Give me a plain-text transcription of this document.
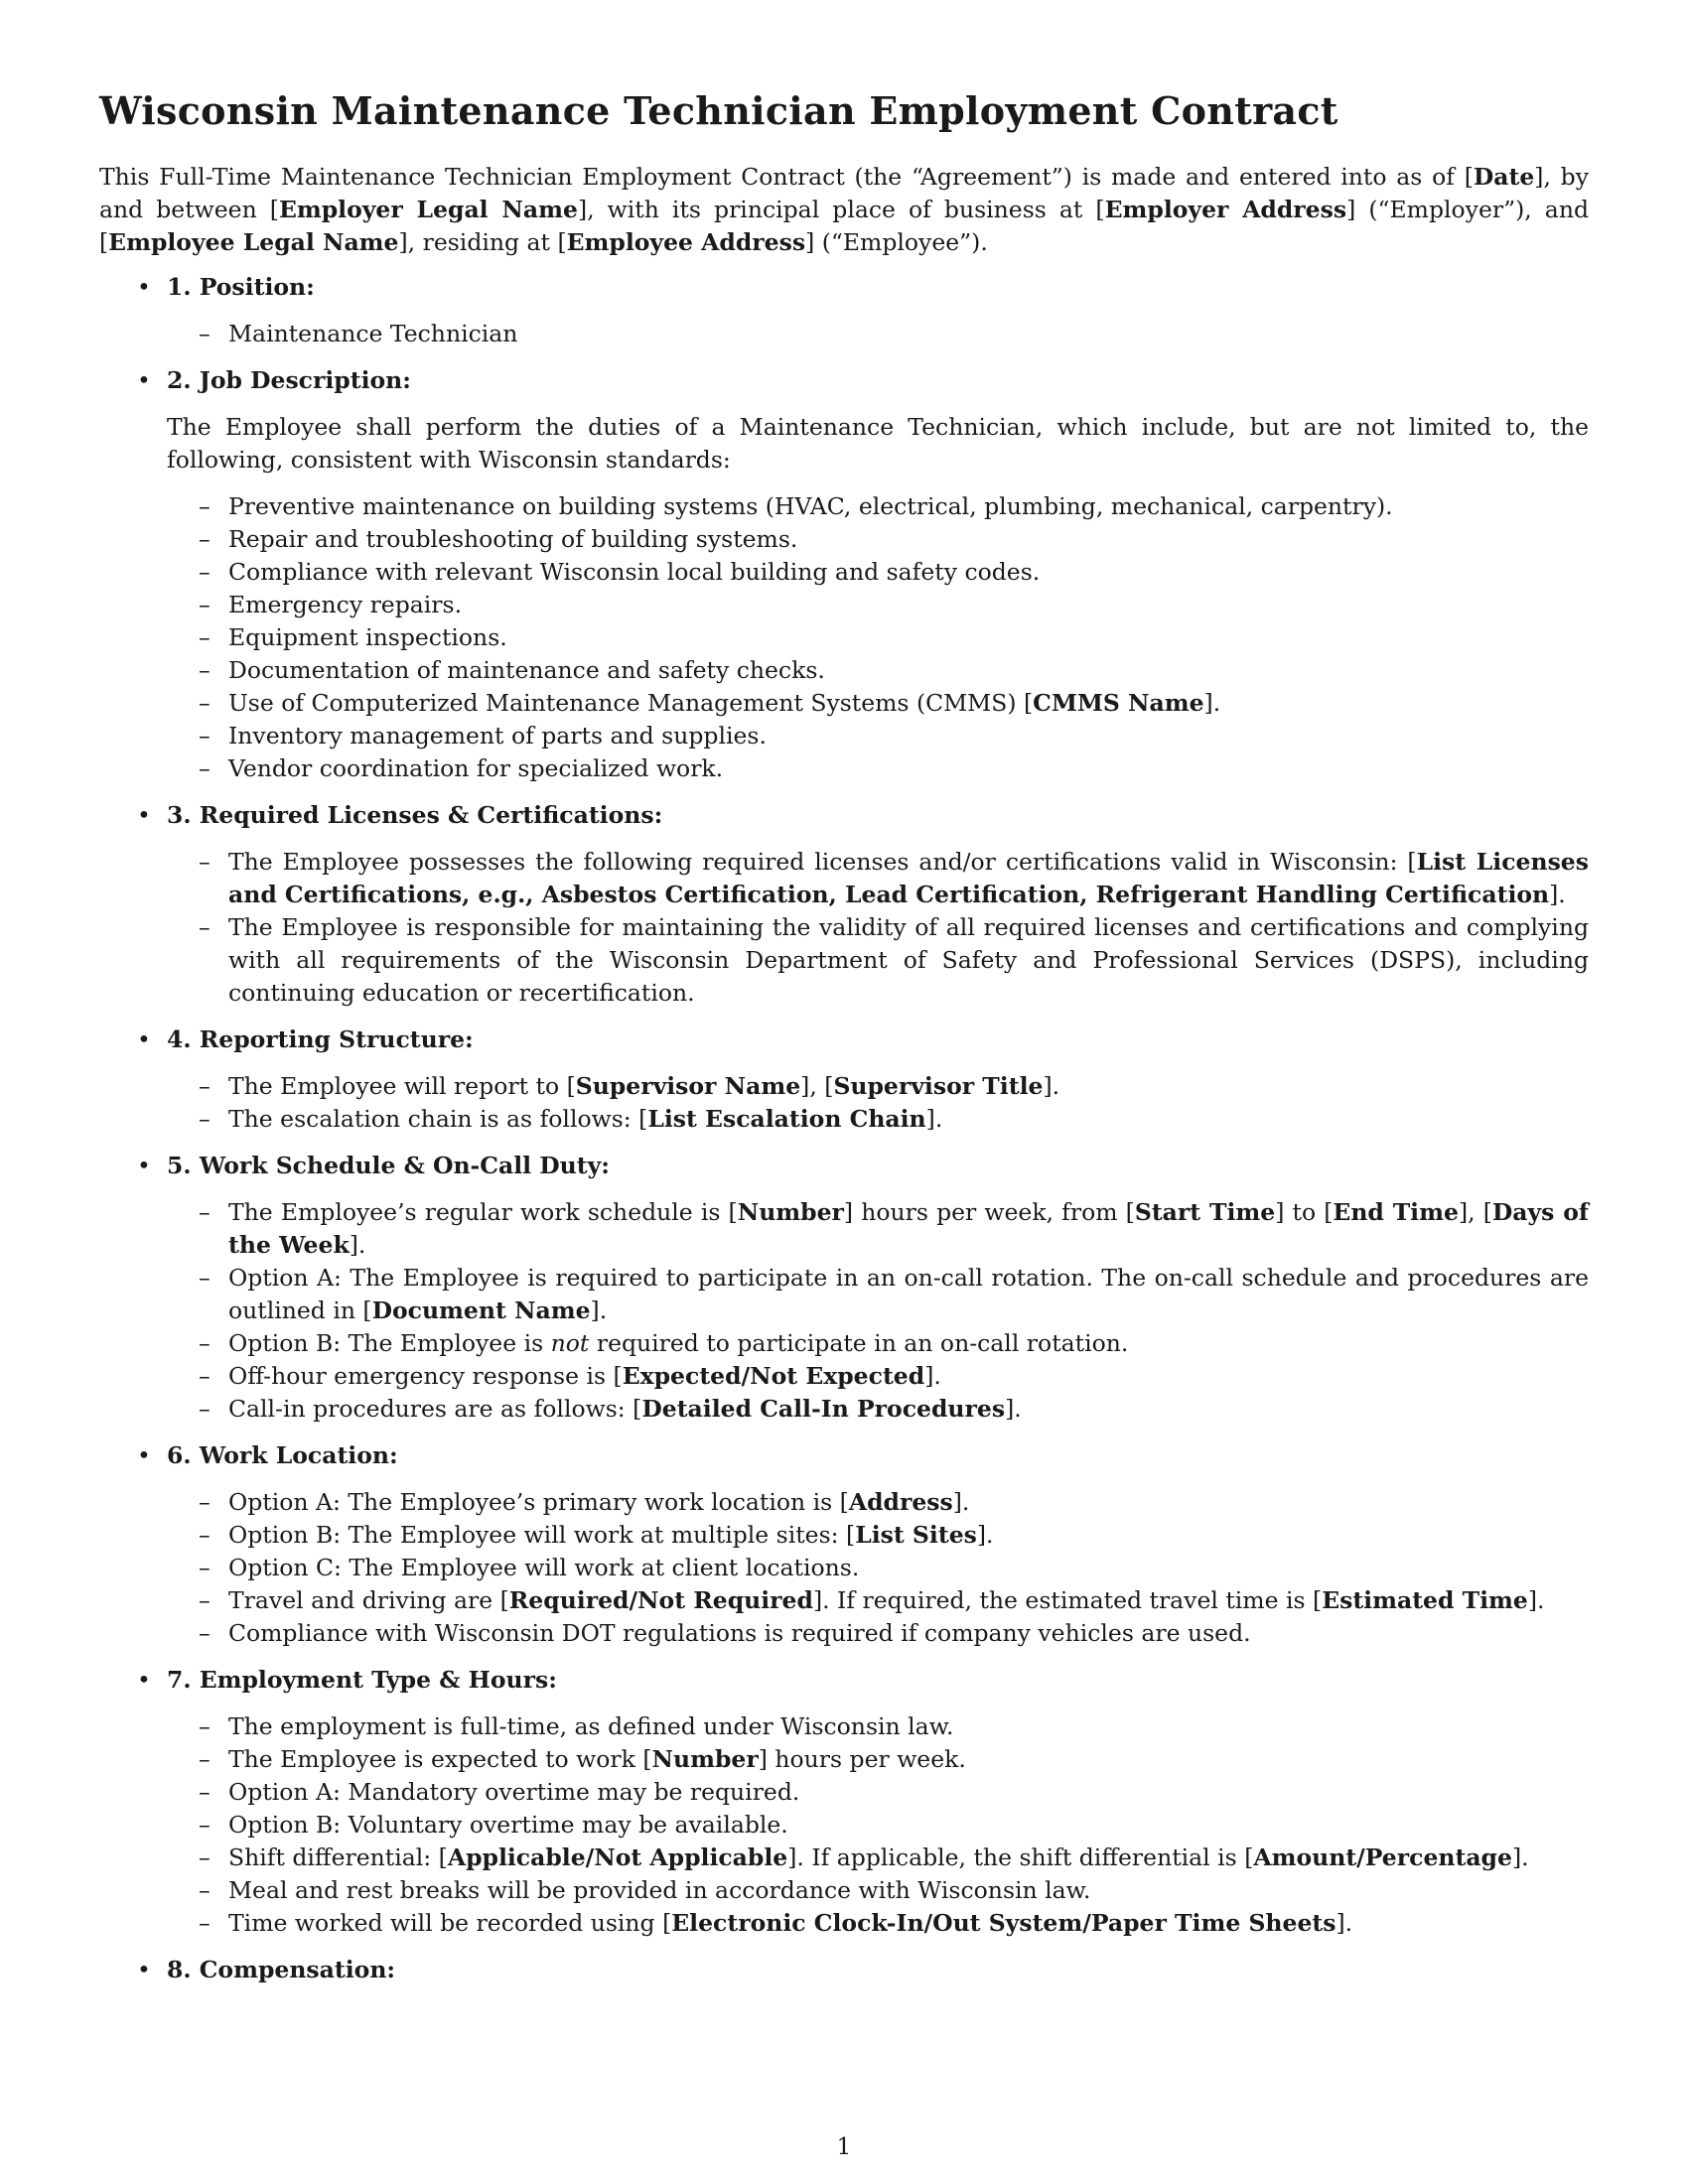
Wisconsin Maintenance Technician Employment Contract

This Full-Time Maintenance Technician Employment Contract (the “Agreement”) is made and entered into as of [Date], by and between [Employer Legal Name], with its principal place of business at [Employer Address] (“Employer”), and [Employee Legal Name], residing at [Employee Address] (“Employee”).

• 1. Position:
– Maintenance Technician
• 2. Job Description:
The Employee shall perform the duties of a Maintenance Technician, which include, but are not limited to, the following, consistent with Wisconsin standards:
– Preventive maintenance on building systems (HVAC, electrical, plumbing, mechanical, carpentry).
– Repair and troubleshooting of building systems.
– Compliance with relevant Wisconsin local building and safety codes.
– Emergency repairs.
– Equipment inspections.
– Documentation of maintenance and safety checks.
– Use of Computerized Maintenance Management Systems (CMMS) [CMMS Name].
– Inventory management of parts and supplies.
– Vendor coordination for specialized work.
• 3. Required Licenses & Certifications:
– The Employee possesses the following required licenses and/or certifications valid in Wisconsin: [List Licenses and Certifications, e.g., Asbestos Certification, Lead Certification, Refrigerant Handling Certification].
– The Employee is responsible for maintaining the validity of all required licenses and certifications and complying with all requirements of the Wisconsin Department of Safety and Professional Services (DSPS), including continuing education or recertification.
• 4. Reporting Structure:
– The Employee will report to [Supervisor Name], [Supervisor Title].
– The escalation chain is as follows: [List Escalation Chain].
• 5. Work Schedule & On-Call Duty:
– The Employee’s regular work schedule is [Number] hours per week, from [Start Time] to [End Time], [Days of the Week].
– Option A: The Employee is required to participate in an on-call rotation. The on-call schedule and procedures are outlined in [Document Name].
– Option B: The Employee is not required to participate in an on-call rotation.
– Off-hour emergency response is [Expected/Not Expected].
– Call-in procedures are as follows: [Detailed Call-In Procedures].
• 6. Work Location:
– Option A: The Employee’s primary work location is [Address].
– Option B: The Employee will work at multiple sites: [List Sites].
– Option C: The Employee will work at client locations.
– Travel and driving are [Required/Not Required]. If required, the estimated travel time is [Estimated Time].
– Compliance with Wisconsin DOT regulations is required if company vehicles are used.
• 7. Employment Type & Hours:
– The employment is full-time, as defined under Wisconsin law.
– The Employee is expected to work [Number] hours per week.
– Option A: Mandatory overtime may be required.
– Option B: Voluntary overtime may be available.
– Shift differential: [Applicable/Not Applicable]. If applicable, the shift differential is [Amount/Percentage].
– Meal and rest breaks will be provided in accordance with Wisconsin law.
– Time worked will be recorded using [Electronic Clock-In/Out System/Paper Time Sheets].
• 8. Compensation:
1
